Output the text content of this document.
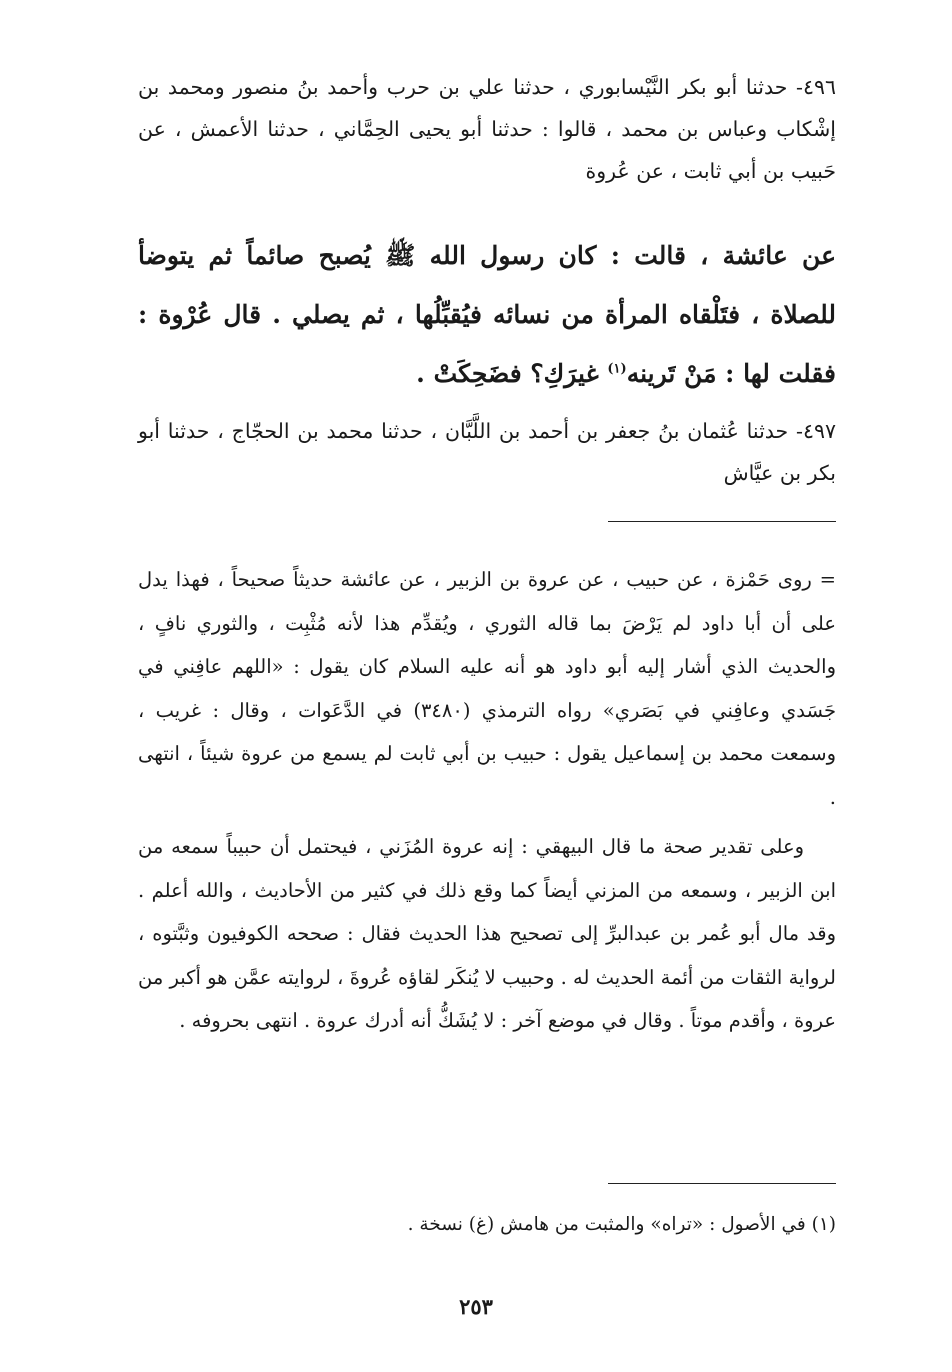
٤٩٦- حدثنا أبو بكر النَّيْسابوري ، حدثنا علي بن حرب وأحمد بنُ منصور ومحمد بن إشْكاب وعباس بن محمد ، قالوا : حدثنا أبو يحيى الحِمَّاني ، حدثنا الأعمش ، عن حَبيب بن أبي ثابت ، عن عُروة

عن عائشة ، قالت : كان رسول الله ﷺ يُصبح صائماً ثم يتوضأ للصلاة ، فتَلْقاه المرأة من نسائه فيُقبِّلُها ، ثم يصلي . قال عُرْوة : فقلت لها : مَنْ تَرينه$^{(١)}$ غيرَكِ؟ فضَحِكَتْ .

٤٩٧- حدثنا عُثمان بنُ جعفر بن أحمد بن اللَّبَّان ، حدثنا محمد بن الحجّاج ، حدثنا أبو بكر بن عيَّاش

= روى حَمْزة ، عن حبيب ، عن عروة بن الزبير ، عن عائشة حديثاً صحيحاً ، فهذا يدل على أن أبا داود لم يَرْضَ بما قاله الثوري ، ويُقدِّم هذا لأنه مُثْبِت ، والثوري نافٍ ، والحديث الذي أشار إليه أبو داود هو أنه عليه السلام كان يقول : «اللهم عافِني في جَسَدي وعافِني في بَصَري» رواه الترمذي (٣٤٨٠) في الدَّعَوات ، وقال : غريب ، وسمعت محمد بن إسماعيل يقول : حبيب بن أبي ثابت لم يسمع من عروة شيئاً ، انتهى .

وعلى تقدير صحة ما قال البيهقي : إنه عروة المُزَني ، فيحتمل أن حبيباً سمعه من ابن الزبير ، وسمعه من المزني أيضاً كما وقع ذلك في كثير من الأحاديث ، والله أعلم . وقد مال أبو عُمر بن عبدالبرِّ إلى تصحيح هذا الحديث فقال : صححه الكوفيون وثبَّتوه ، لرواية الثقات من أئمة الحديث له . وحبيب لا يُنكَر لقاؤه عُروةَ ، لروايته عمَّن هو أكبر من عروة ، وأقدم موتاً . وقال في موضع آخر : لا يُشَكُّ أنه أدرك عروة . انتهى بحروفه .

(١) في الأصول : «تراه» والمثبت من هامش (غ) نسخة .

٢٥٣
